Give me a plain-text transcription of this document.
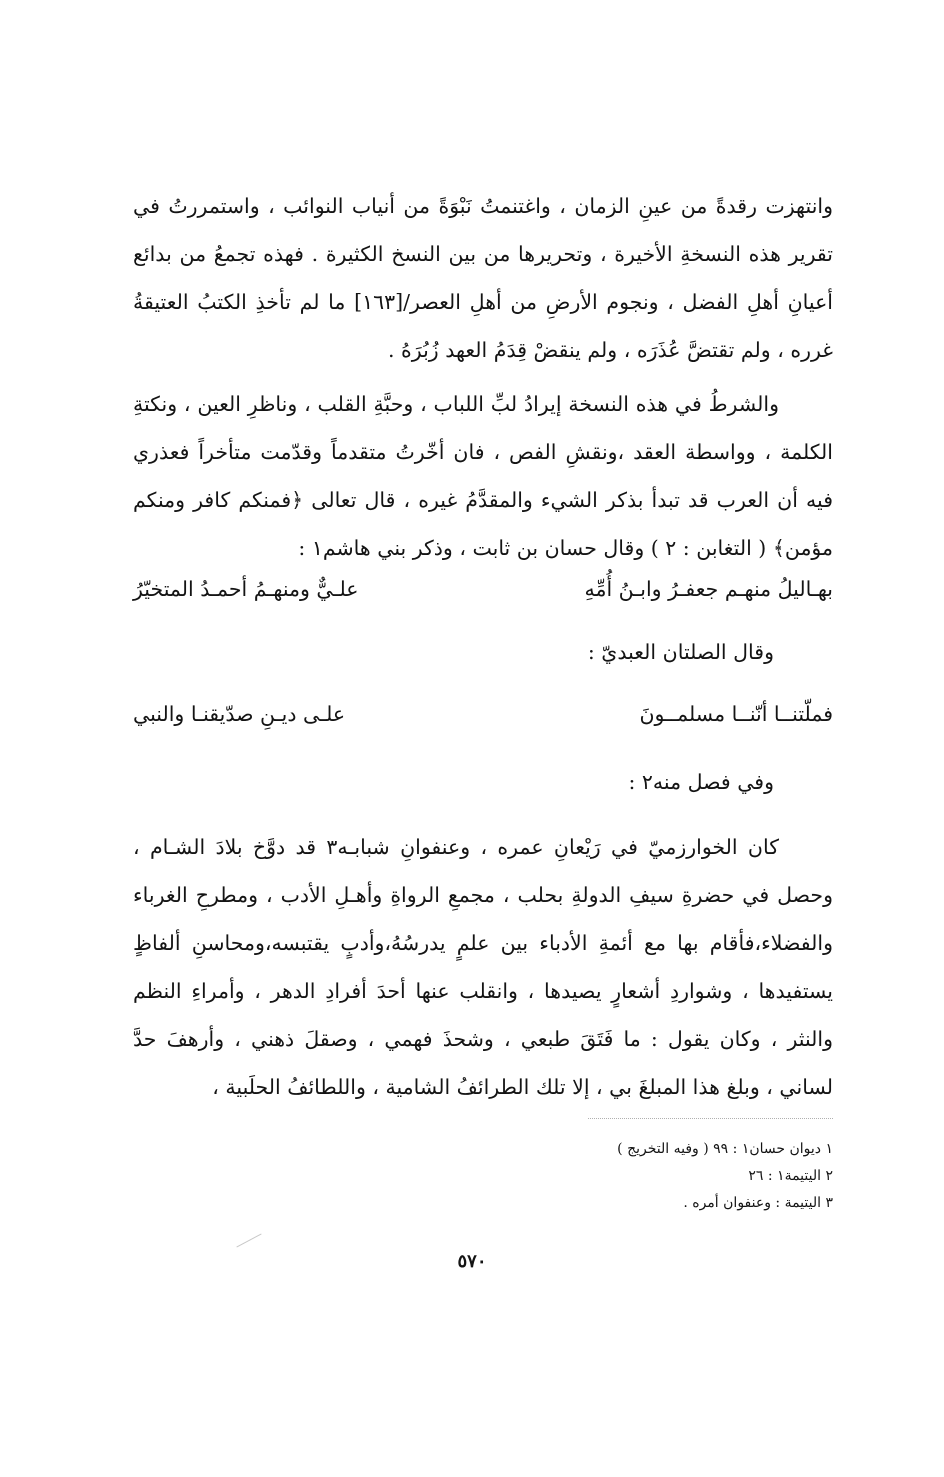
وانتهزت رقدةً من عينِ الزمان ، واغتنمتُ نَبْوَةً من أنياب النوائب ، واستمررتُ في تقرير هذه النسخةِ الأخيرة ، وتحريرها من بين النسخ الكثيرة . فهذه تجمعُ من بدائع أعيانِ أهلِ الفضل ، ونجوم الأرضِ من أهلِ العصر/[١٦٣] ما لم تأخذِ الكتبُ العتيقةُ غرره ، ولم تقتضَّ عُذَرَه ، ولم ينقضْ قِدَمُ العهد زُبُرَهُ .

والشرطُ في هذه النسخة إيرادُ لبِّ اللباب ، وحبَّةِ القلب ، وناظرِ العين ، ونكتةِ الكلمة ، وواسطة العقد ،ونقشِ الفص ، فان أخّرتُ متقدماً وقدّمت متأخراً فعذري فيه أن العرب قد تبدأ بذكر الشيء والمقدَّمُ غيره ، قال تعالى ﴿فمنكم كافر ومنكم مؤمن﴾ ( التغابن : ٢ ) وقال حسان بن ثابت ، وذكر بني هاشم١ :

بهـاليلُ منهـم جعفـرُ وابـنُ أُمِّهِ
علـيٌّ ومنهـمُ أحمـدُ المتخيّرُ

وقال الصلتان العبديّ :

فملّتنــا أنّنــا مسلمــونَ
علـى ديـنِ صدّيقنـا والنبي

وفي فصل منه٢ :

كان الخوارزميّ في رَيْعانِ عمره ، وعنفوانِ شبابـه٣ قد دوَّخ بلادَ الشـام ، وحصل في حضرةِ سيفِ الدولةِ بحلب ، مجمعِ الرواةِ وأهـلِ الأدب ، ومطرحِ الغرباء والفضلاء،فأقام بها مع أئمةِ الأدباء بين علمٍ يدرسُهُ،وأدبٍ يقتبسه،ومحاسنِ ألفاظٍ يستفيدها ، وشواردِ أشعارٍ يصيدها ، وانقلب عنها أحدَ أفرادِ الدهر ، وأمراءِ النظم والنثر ، وكان يقول : ما فَتَقَ طبعي ، وشحذَ فهمي ، وصقلَ ذهني ، وأرهفَ حدَّ لساني ، وبلغ هذا المبلغَ بي ، إلا تلك الطرائفُ الشامية ، واللطائفُ الحلَبية ،

١ ديوان حسان١ : ٩٩ ( وفيه التخريج )
٢ اليتيمة١ : ٢٦
٣ اليتيمة : وعنفوان أمره .
٥٧٠
